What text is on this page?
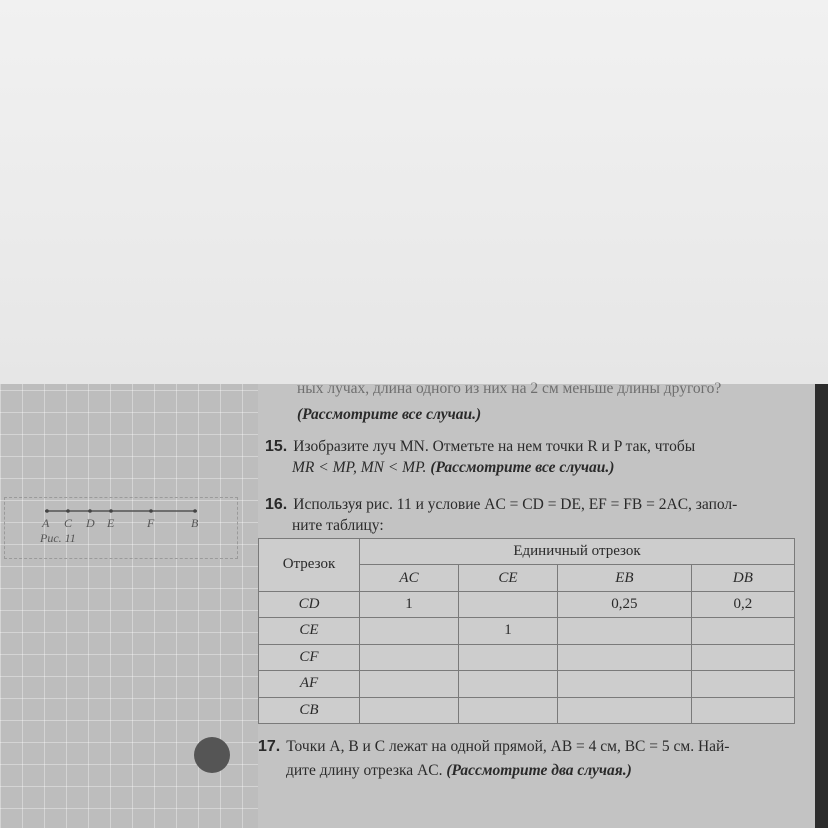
ных лучах, длина одного из них на 2 см меньше длины другого?
(Рассмотрите все случаи.)
15. Изобразите луч MN. Отметьте на нем точки R и P так, чтобы
MR < MP, MN < MP. (Рассмотрите все случаи.)
16. Используя рис. 11 и условие AC = CD = DE, EF = FB = 2AC, запол-
ните таблицу:
A C D E	F	B
Рис. 11
Отрезок	Единичный отрезок			
	AC	CE	EB	DB
CD	1		0,25	0,2
CE		1		
CF				
AF				
CB				
17. Точки A, B и C лежат на одной прямой, AB = 4 см, BC = 5 см. Най-
дите длину отрезка AC. (Рассмотрите два случая.)
